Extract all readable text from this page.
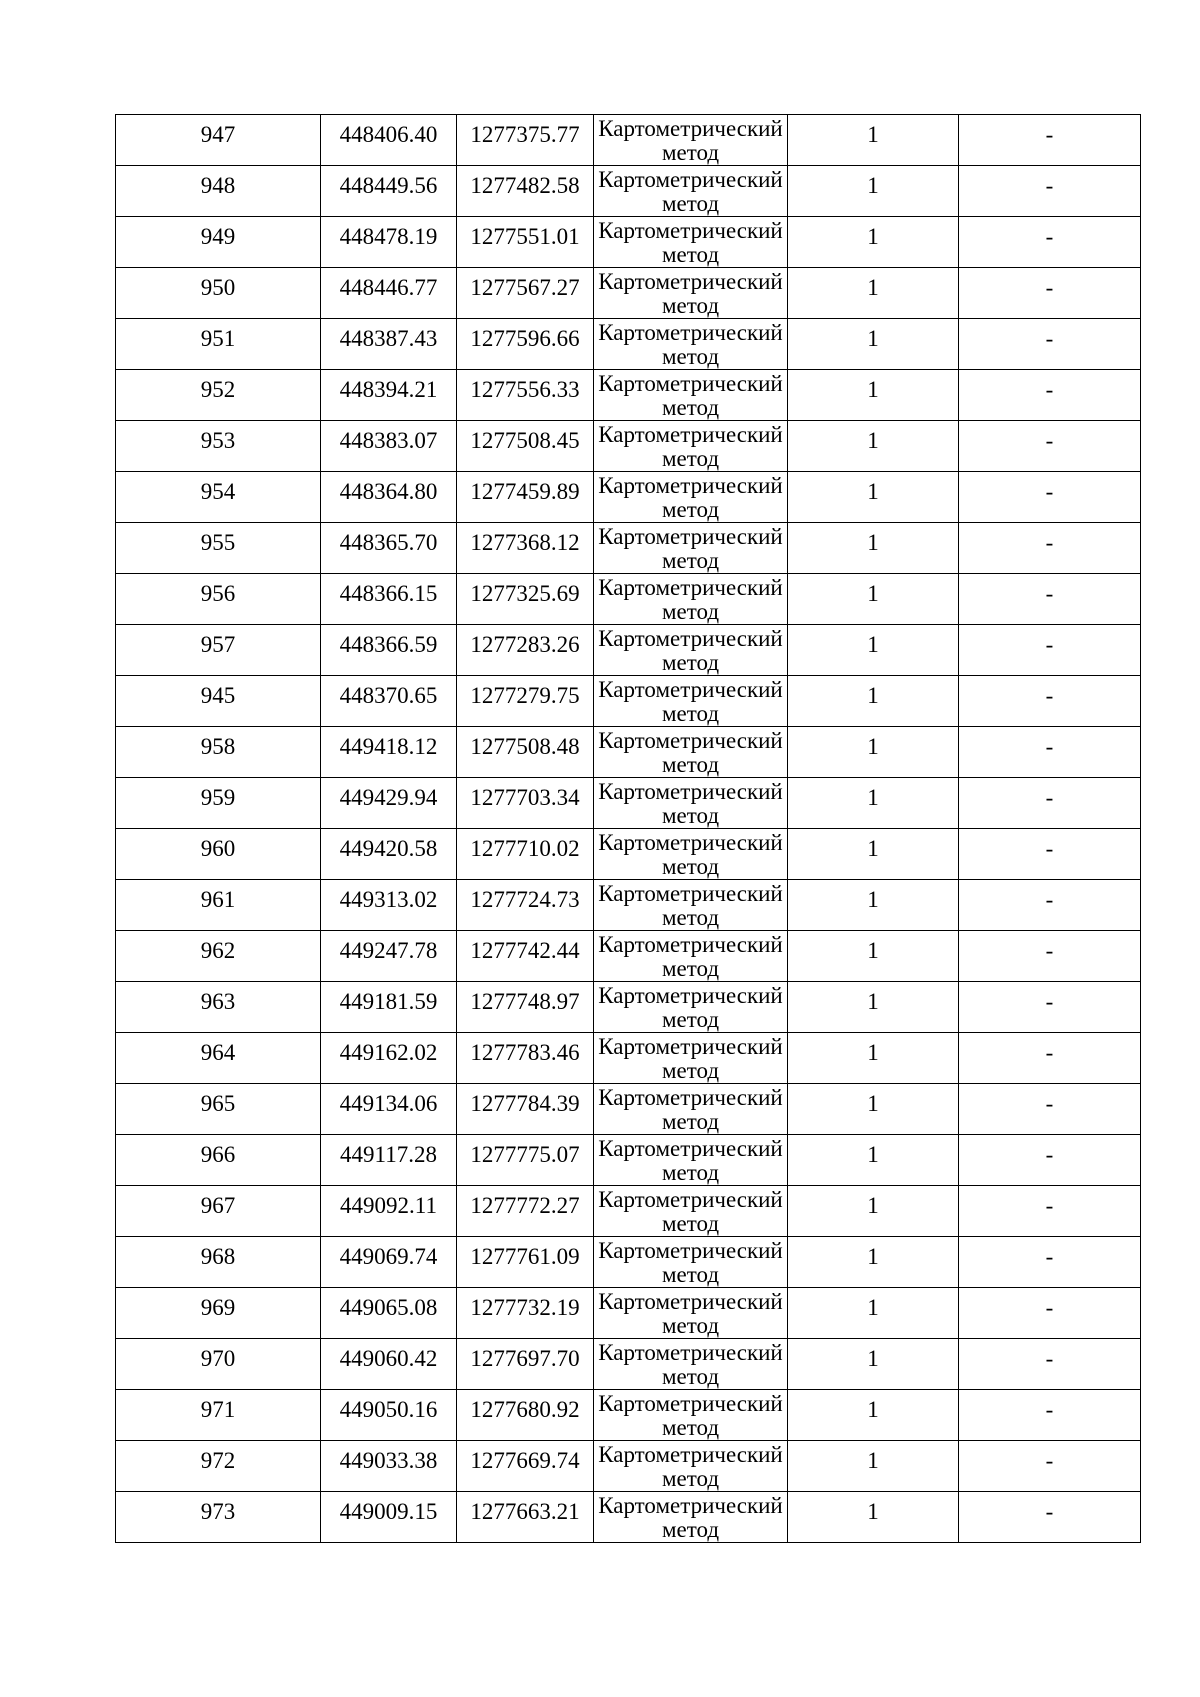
947	448406.40	1277375.77	Картометрический
метод	1	-
948	448449.56	1277482.58	Картометрический
метод	1	-
949	448478.19	1277551.01	Картометрический
метод	1	-
950	448446.77	1277567.27	Картометрический
метод	1	-
951	448387.43	1277596.66	Картометрический
метод	1	-
952	448394.21	1277556.33	Картометрический
метод	1	-
953	448383.07	1277508.45	Картометрический
метод	1	-
954	448364.80	1277459.89	Картометрический
метод	1	-
955	448365.70	1277368.12	Картометрический
метод	1	-
956	448366.15	1277325.69	Картометрический
метод	1	-
957	448366.59	1277283.26	Картометрический
метод	1	-
945	448370.65	1277279.75	Картометрический
метод	1	-
958	449418.12	1277508.48	Картометрический
метод	1	-
959	449429.94	1277703.34	Картометрический
метод	1	-
960	449420.58	1277710.02	Картометрический
метод	1	-
961	449313.02	1277724.73	Картометрический
метод	1	-
962	449247.78	1277742.44	Картометрический
метод	1	-
963	449181.59	1277748.97	Картометрический
метод	1	-
964	449162.02	1277783.46	Картометрический
метод	1	-
965	449134.06	1277784.39	Картометрический
метод	1	-
966	449117.28	1277775.07	Картометрический
метод	1	-
967	449092.11	1277772.27	Картометрический
метод	1	-
968	449069.74	1277761.09	Картометрический
метод	1	-
969	449065.08	1277732.19	Картометрический
метод	1	-
970	449060.42	1277697.70	Картометрический
метод	1	-
971	449050.16	1277680.92	Картометрический
метод	1	-
972	449033.38	1277669.74	Картометрический
метод	1	-
973	449009.15	1277663.21	Картометрический
метод	1	-
